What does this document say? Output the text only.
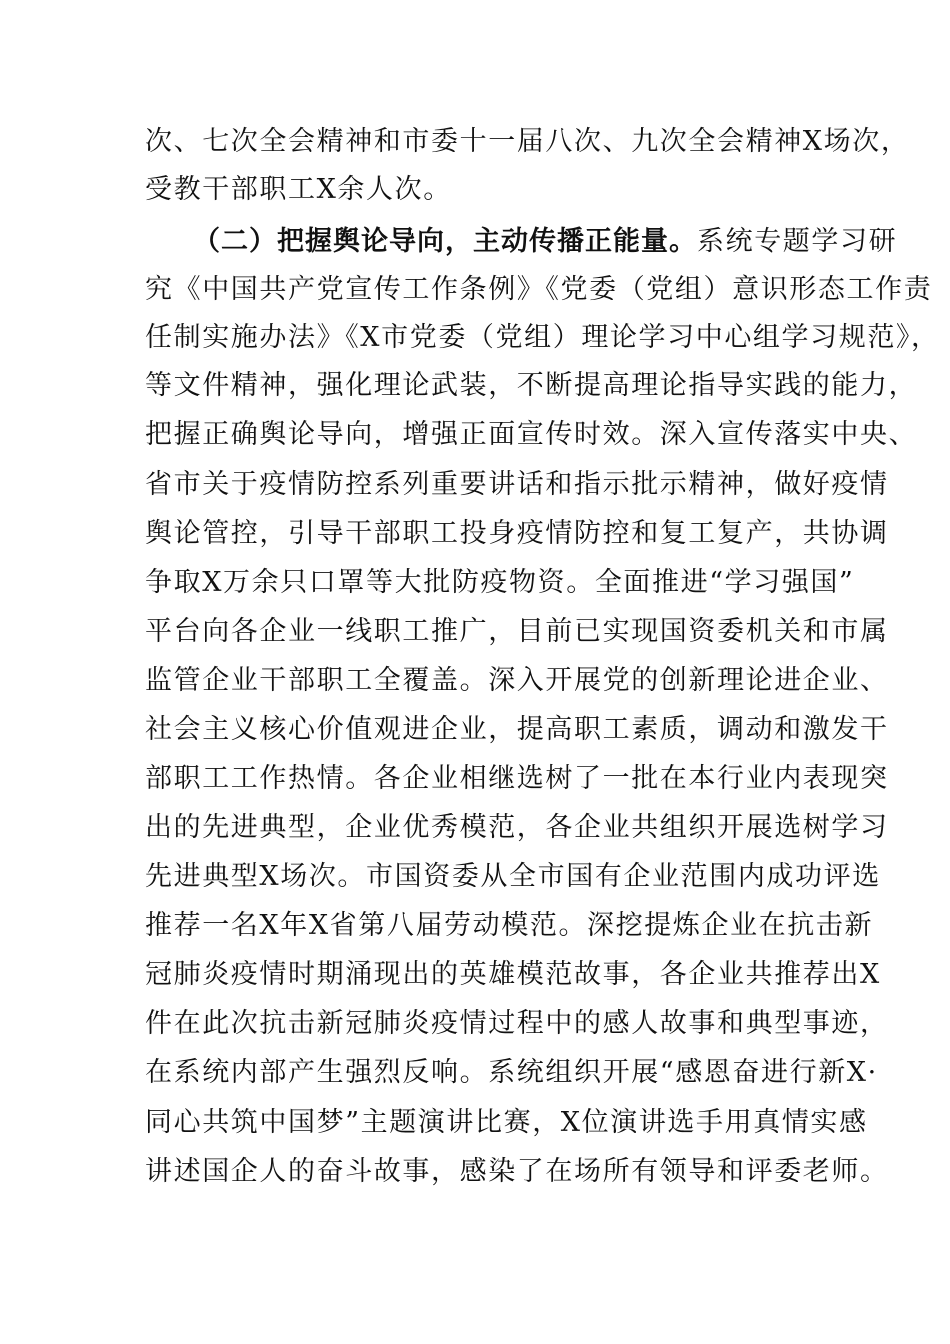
次、七次全会精神和市委十一届八次、九次全会精神X场次，
受教干部职工X余人次。
（二）把握舆论导向，主动传播正能量。系统专题学习研
究《中国共产党宣传工作条例》《党委（党组）意识形态工作责
任制实施办法》《X市党委（党组）理论学习中心组学习规范》，
等文件精神，强化理论武装，不断提高理论指导实践的能力，
把握正确舆论导向，增强正面宣传时效。深入宣传落实中央、
省市关于疫情防控系列重要讲话和指示批示精神，做好疫情
舆论管控，引导干部职工投身疫情防控和复工复产，共协调
争取X万余只口罩等大批防疫物资。全面推进“学习强国”
平台向各企业一线职工推广，目前已实现国资委机关和市属
监管企业干部职工全覆盖。深入开展党的创新理论进企业、
社会主义核心价值观进企业，提高职工素质，调动和激发干
部职工工作热情。各企业相继选树了一批在本行业内表现突
出的先进典型，企业优秀模范，各企业共组织开展选树学习
先进典型X场次。市国资委从全市国有企业范围内成功评选
推荐一名X年X省第八届劳动模范。深挖提炼企业在抗击新
冠肺炎疫情时期涌现出的英雄模范故事，各企业共推荐出X
件在此次抗击新冠肺炎疫情过程中的感人故事和典型事迹，
在系统内部产生强烈反响。系统组织开展“感恩奋进行新X·
同心共筑中国梦”主题演讲比赛，X位演讲选手用真情实感
讲述国企人的奋斗故事，感染了在场所有领导和评委老师。
